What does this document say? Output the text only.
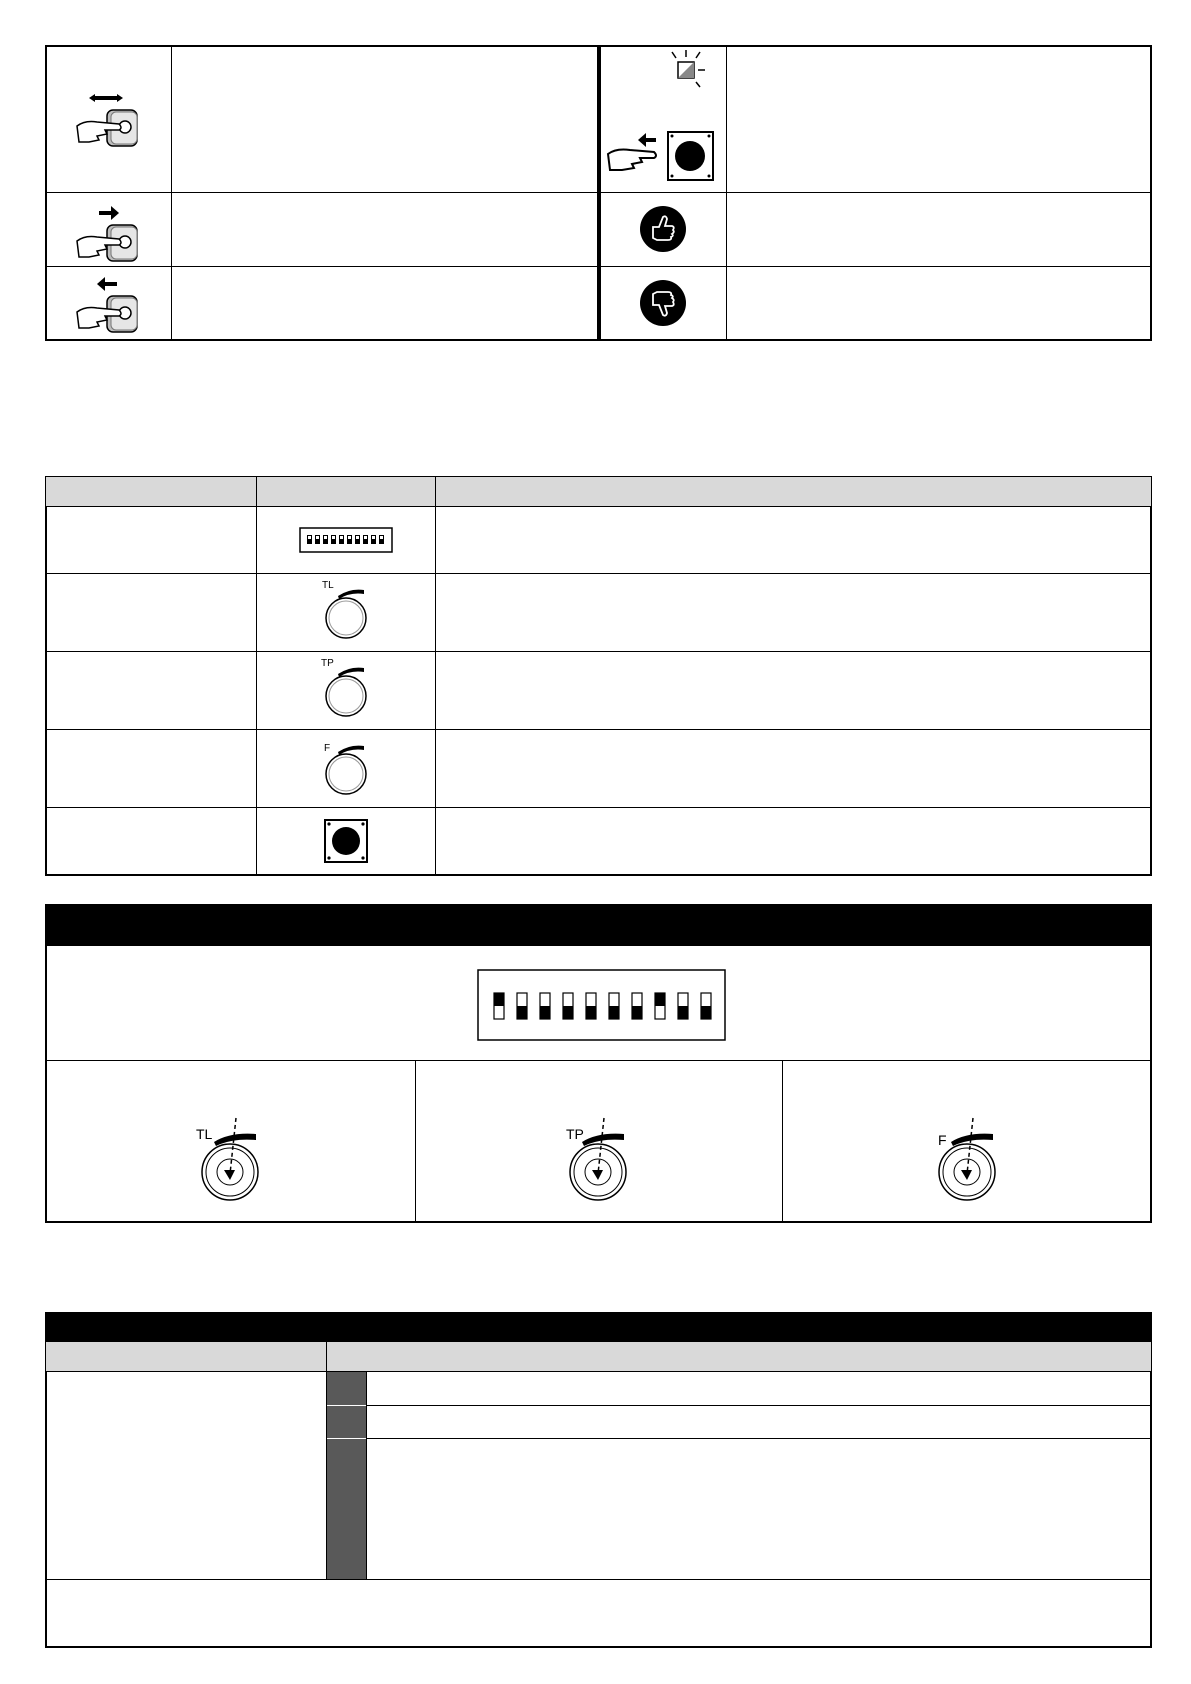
TL
TP
F
TL	TP	F
